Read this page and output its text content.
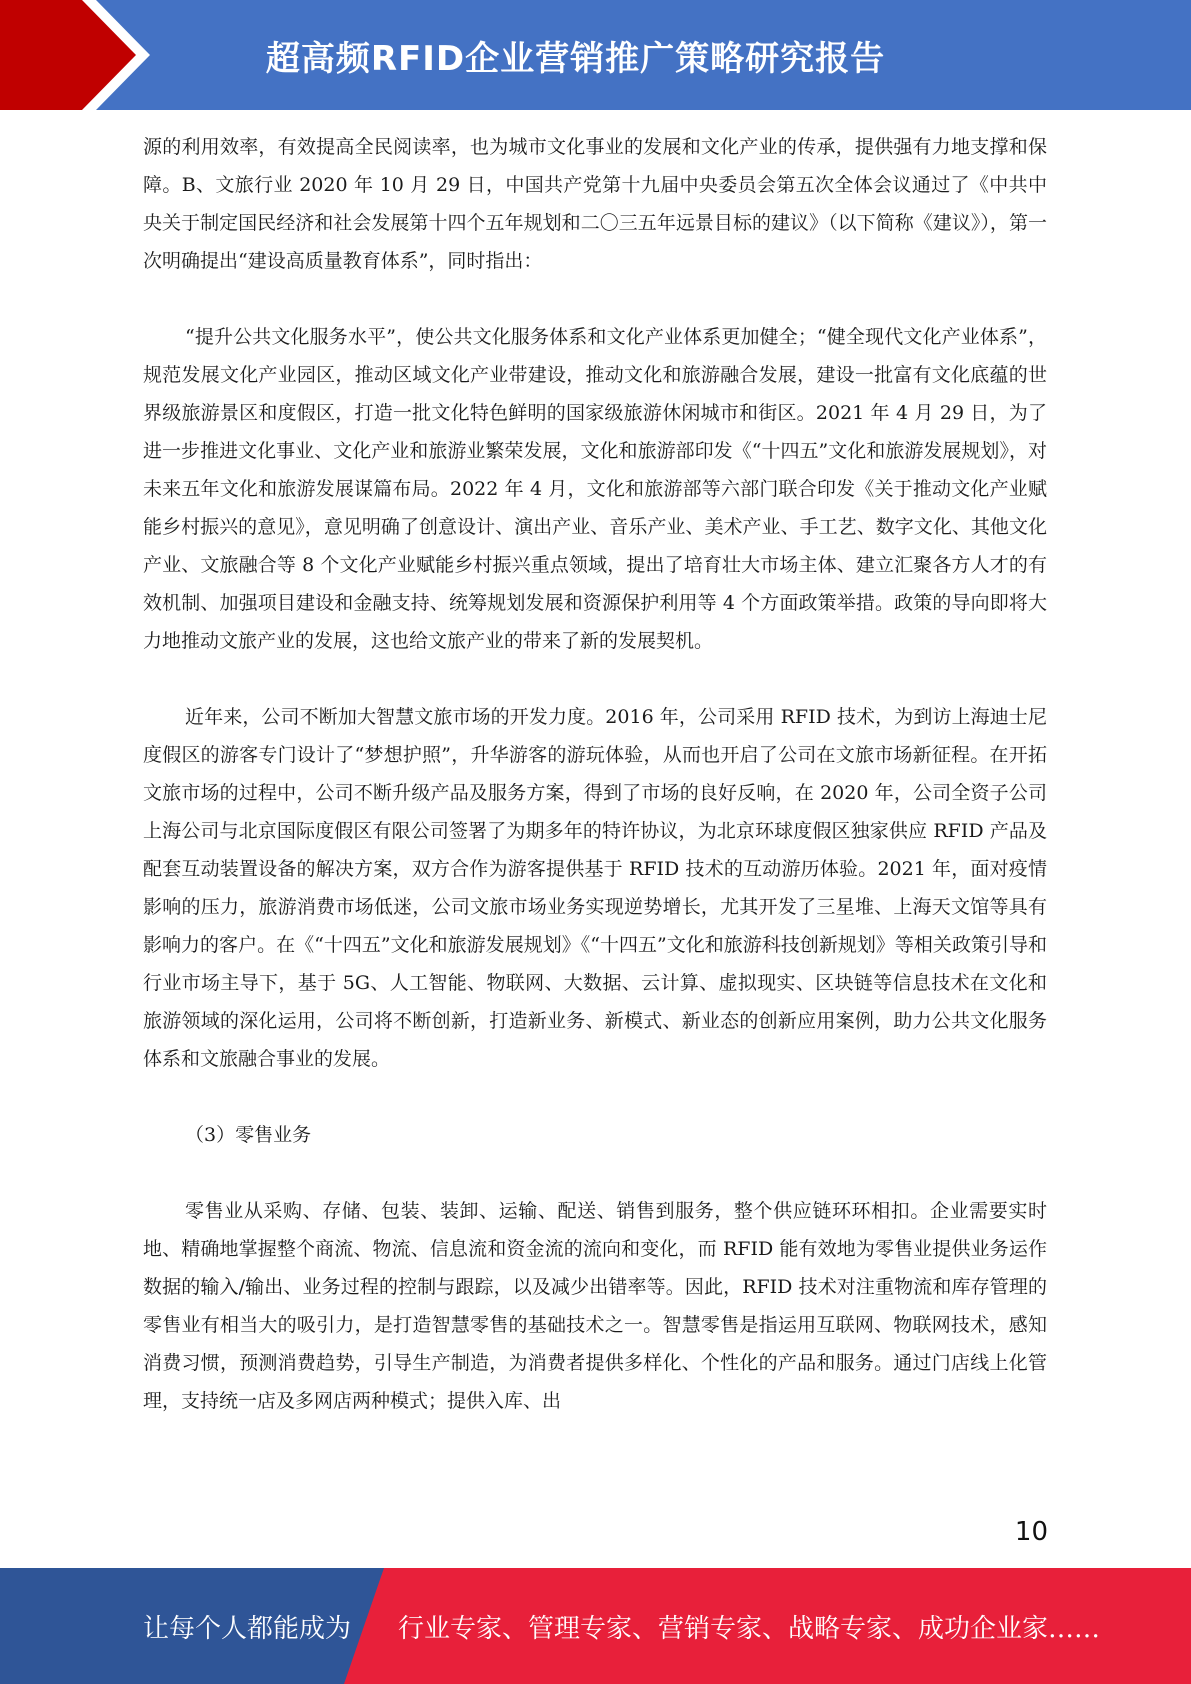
超高频RFID企业营销推广策略研究报告

源的利用效率，有效提高全民阅读率，也为城市文化事业的发展和文化产业的传承，提供强有力地支撑和保障。B、文旅行业 2020 年 10 月 29 日，中国共产党第十九届中央委员会第五次全体会议通过了《中共中央关于制定国民经济和社会发展第十四个五年规划和二〇三五年远景目标的建议》（以下简称《建议》），第一次明确提出“建设高质量教育体系”，同时指出：

“提升公共文化服务水平”，使公共文化服务体系和文化产业体系更加健全；“健全现代文化产业体系”，规范发展文化产业园区，推动区域文化产业带建设，推动文化和旅游融合发展，建设一批富有文化底蕴的世界级旅游景区和度假区，打造一批文化特色鲜明的国家级旅游休闲城市和街区。2021 年 4 月 29 日，为了进一步推进文化事业、文化产业和旅游业繁荣发展，文化和旅游部印发《“十四五”文化和旅游发展规划》，对未来五年文化和旅游发展谋篇布局。2022 年 4 月，文化和旅游部等六部门联合印发《关于推动文化产业赋能乡村振兴的意见》，意见明确了创意设计、演出产业、音乐产业、美术产业、手工艺、数字文化、其他文化产业、文旅融合等 8 个文化产业赋能乡村振兴重点领域，提出了培育壮大市场主体、建立汇聚各方人才的有效机制、加强项目建设和金融支持、统筹规划发展和资源保护利用等 4 个方面政策举措。政策的导向即将大力地推动文旅产业的发展，这也给文旅产业的带来了新的发展契机。

近年来，公司不断加大智慧文旅市场的开发力度。2016 年，公司采用 RFID 技术，为到访上海迪士尼度假区的游客专门设计了“梦想护照”，升华游客的游玩体验，从而也开启了公司在文旅市场新征程。在开拓文旅市场的过程中，公司不断升级产品及服务方案，得到了市场的良好反响，在 2020 年，公司全资子公司上海公司与北京国际度假区有限公司签署了为期多年的特许协议，为北京环球度假区独家供应 RFID 产品及配套互动装置设备的解决方案，双方合作为游客提供基于 RFID 技术的互动游历体验。2021 年，面对疫情影响的压力，旅游消费市场低迷，公司文旅市场业务实现逆势增长，尤其开发了三星堆、上海天文馆等具有影响力的客户。在《“十四五”文化和旅游发展规划》《“十四五”文化和旅游科技创新规划》等相关政策引导和行业市场主导下，基于 5G、人工智能、物联网、大数据、云计算、虚拟现实、区块链等信息技术在文化和旅游领域的深化运用，公司将不断创新，打造新业务、新模式、新业态的创新应用案例，助力公共文化服务体系和文旅融合事业的发展。

（3）零售业务

零售业从采购、存储、包装、装卸、运输、配送、销售到服务，整个供应链环环相扣。企业需要实时地、精确地掌握整个商流、物流、信息流和资金流的流向和变化，而 RFID 能有效地为零售业提供业务运作数据的输入/输出、业务过程的控制与跟踪，以及减少出错率等。因此，RFID 技术对注重物流和库存管理的零售业有相当大的吸引力，是打造智慧零售的基础技术之一。智慧零售是指运用互联网、物联网技术，感知消费习惯，预测消费趋势，引导生产制造，为消费者提供多样化、个性化的产品和服务。通过门店线上化管理，支持统一店及多网店两种模式；提供入库、出

10
让每个人都能成为 行业专家、管理专家、营销专家、战略专家、成功企业家……
